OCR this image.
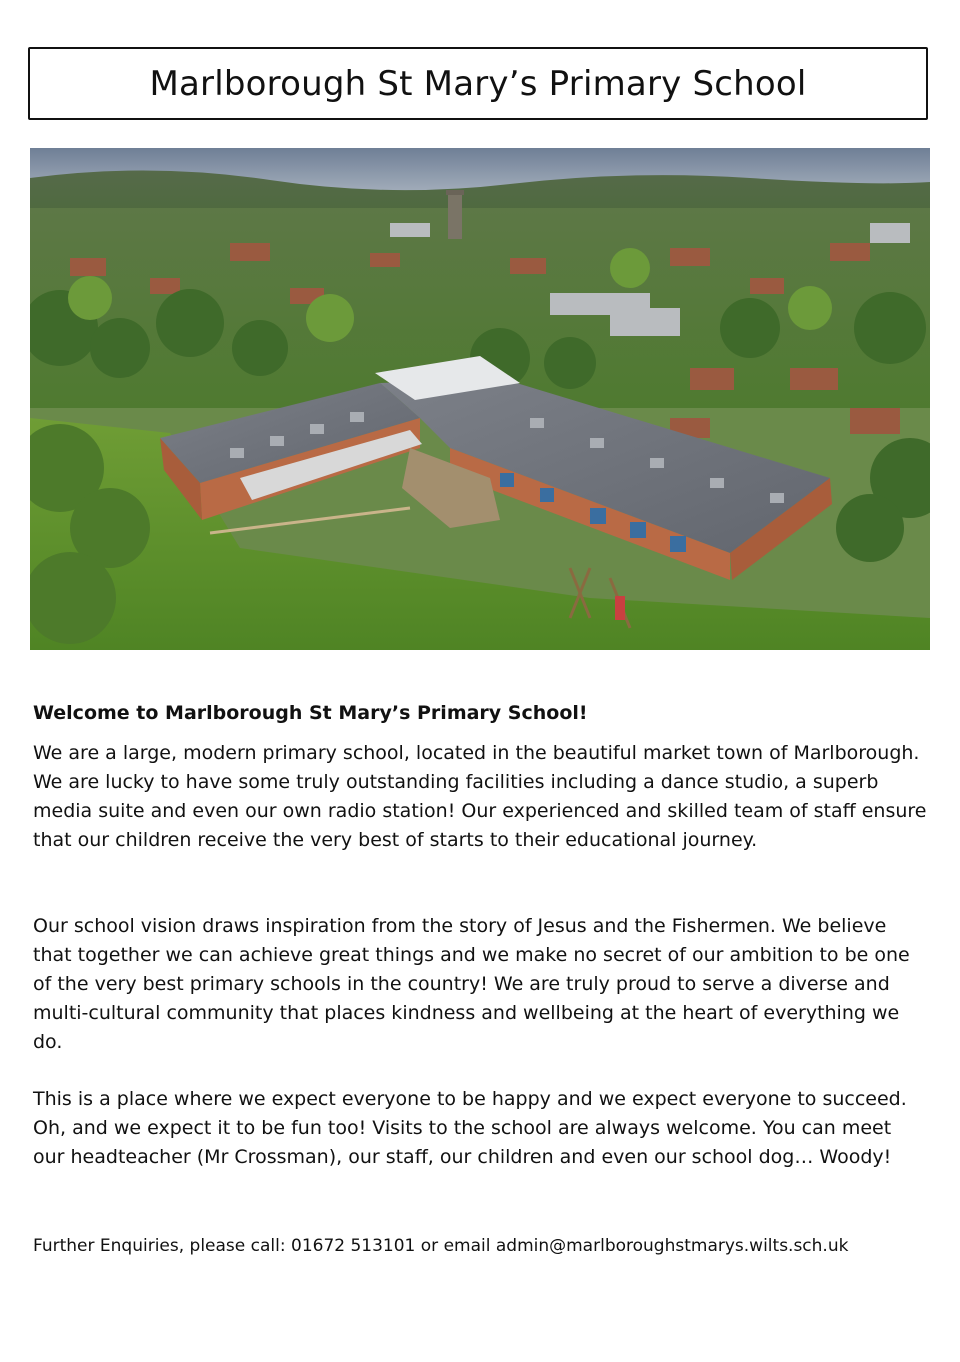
Marlborough St Mary’s Primary School
Welcome to Marlborough St Mary’s Primary School!

We are a large, modern primary school, located in the beautiful market town of Marlborough. We are lucky to have some truly outstanding facilities including a dance studio, a superb media suite and even our own radio station! Our experienced and skilled team of staff ensure that our children receive the very best of starts to their educational journey.

Our school vision draws inspiration from the story of Jesus and the Fishermen. We believe that together we can achieve great things and we make no secret of our ambition to be one of the very best primary schools in the country! We are truly proud to serve a diverse and multi-cultural community that places kindness and wellbeing at the heart of everything we do.

This is a place where we expect everyone to be happy and we expect everyone to succeed. Oh, and we expect it to be fun too! Visits to the school are always welcome. You can meet our headteacher (Mr Crossman), our staff, our children and even our school dog… Woody!

Further Enquiries, please call: 01672 513101 or email admin@marlboroughstmarys.wilts.sch.uk
